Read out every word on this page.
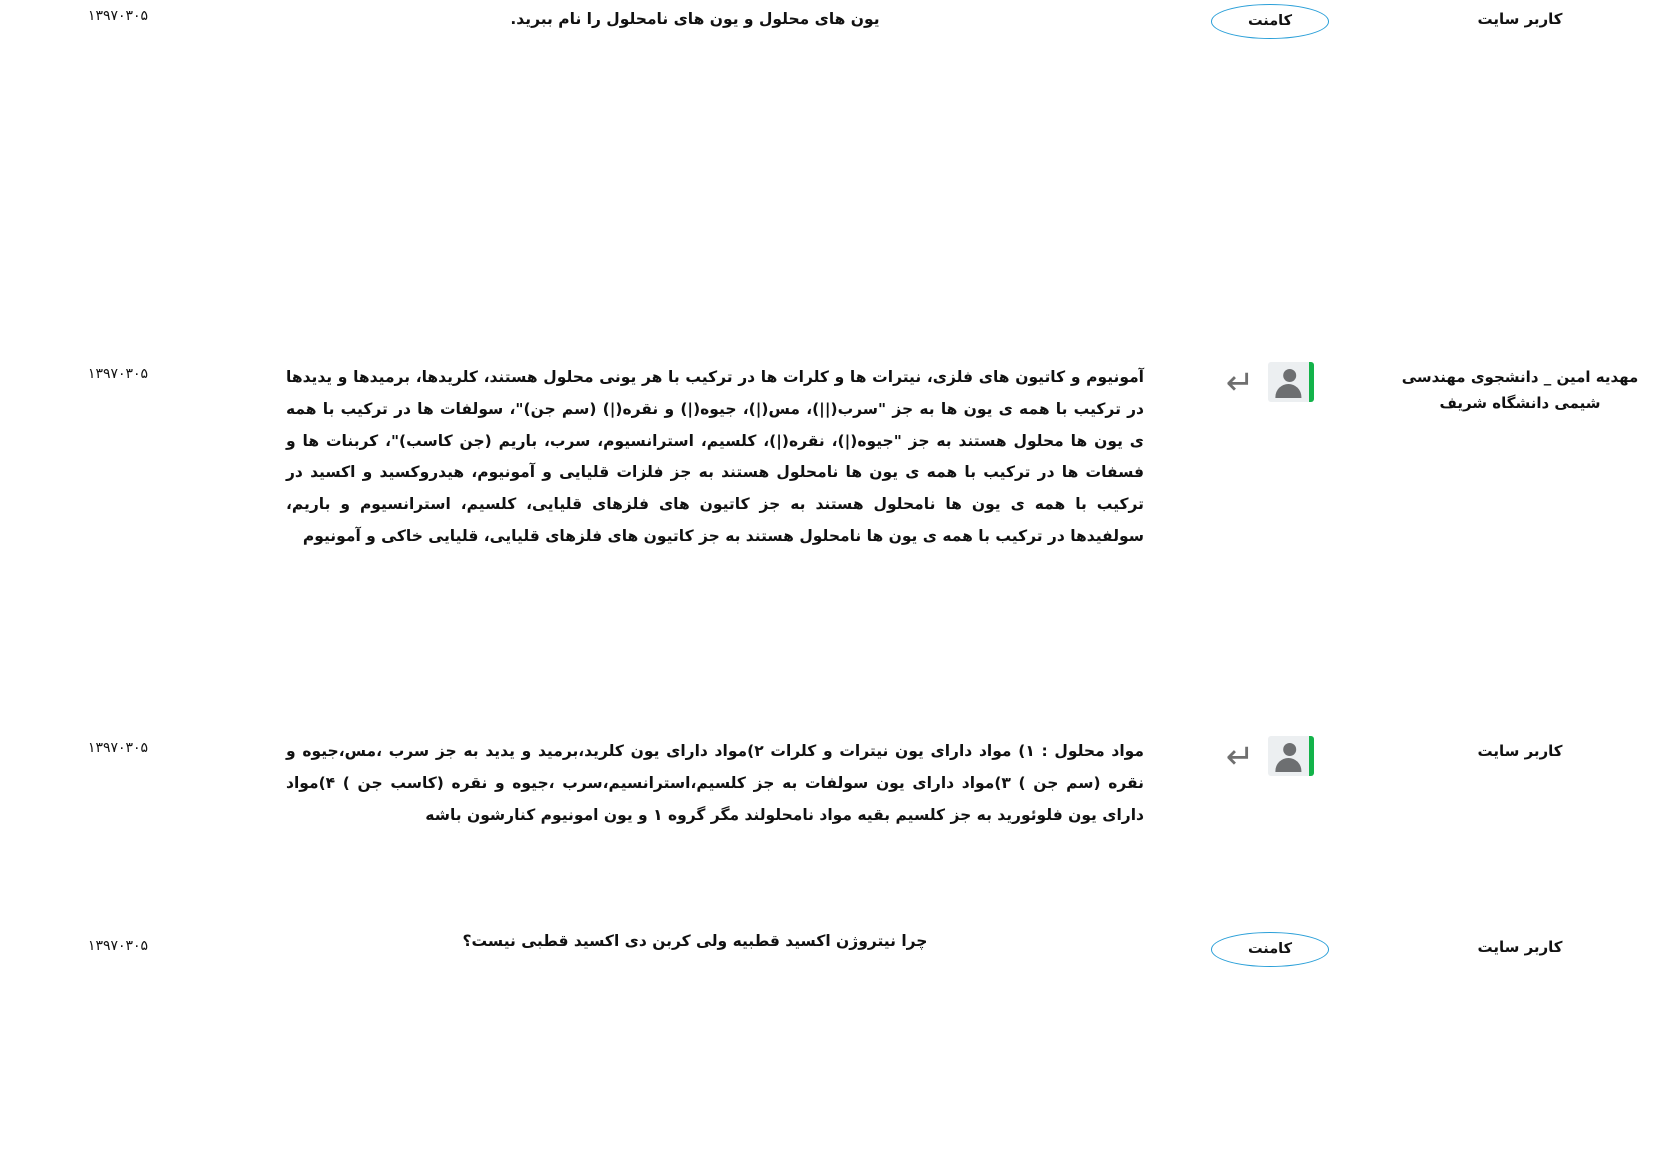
کاربر سایت
کامنت
یون های محلول و یون های نامحلول را نام ببرید.
۱۳۹۷۰۳۰۵
مهدیه امین _ دانشجوی مهندسی شیمی دانشگاه شریف
↵
آمونیوم و کاتیون های فلزی، نیترات ها و کلرات ها در ترکیب با هر یونی محلول هستند، کلریدها، برمیدها و یدیدها در ترکیب با همه ی یون ها به جز "سرب(||)، مس(|)، جیوه(|) و نقره(|) (سم جن)"، سولفات ها در ترکیب با همه ی یون ها محلول هستند به جز "جیوه(|)، نقره(|)، کلسیم، استرانسیوم، سرب، باریم (جن کاسب)"، کربنات ها و فسفات ها در ترکیب با همه ی یون ها نامحلول هستند به جز فلزات قلیایی و آمونیوم، هیدروکسید و اکسید در ترکیب با همه ی یون ها نامحلول هستند به جز کاتیون های فلزهای قلیایی، کلسیم، استرانسیوم و باریم، سولفیدها در ترکیب با همه ی یون ها نامحلول هستند به جز کاتیون های فلزهای قلیایی، قلیایی خاکی و آمونیوم
۱۳۹۷۰۳۰۵
کاربر سایت
↵
مواد محلول : ۱) مواد دارای یون نیترات و کلرات ۲)مواد دارای یون کلرید،برمید و یدید به جز سرب ،مس،جیوه و نقره (سم جن ) ۳)مواد دارای یون سولفات به جز کلسیم،استرانسیم،سرب ،جیوه و نقره (کاسب جن ) ۴)مواد دارای یون فلوئورید به جز کلسیم بقیه مواد نامحلولند مگر گروه ۱ و یون امونیوم کنارشون باشه
۱۳۹۷۰۳۰۵
کاربر سایت
کامنت
چرا نیتروژن اکسید قطبیه ولی کربن دی اکسید قطبی نیست؟
۱۳۹۷۰۳۰۵
